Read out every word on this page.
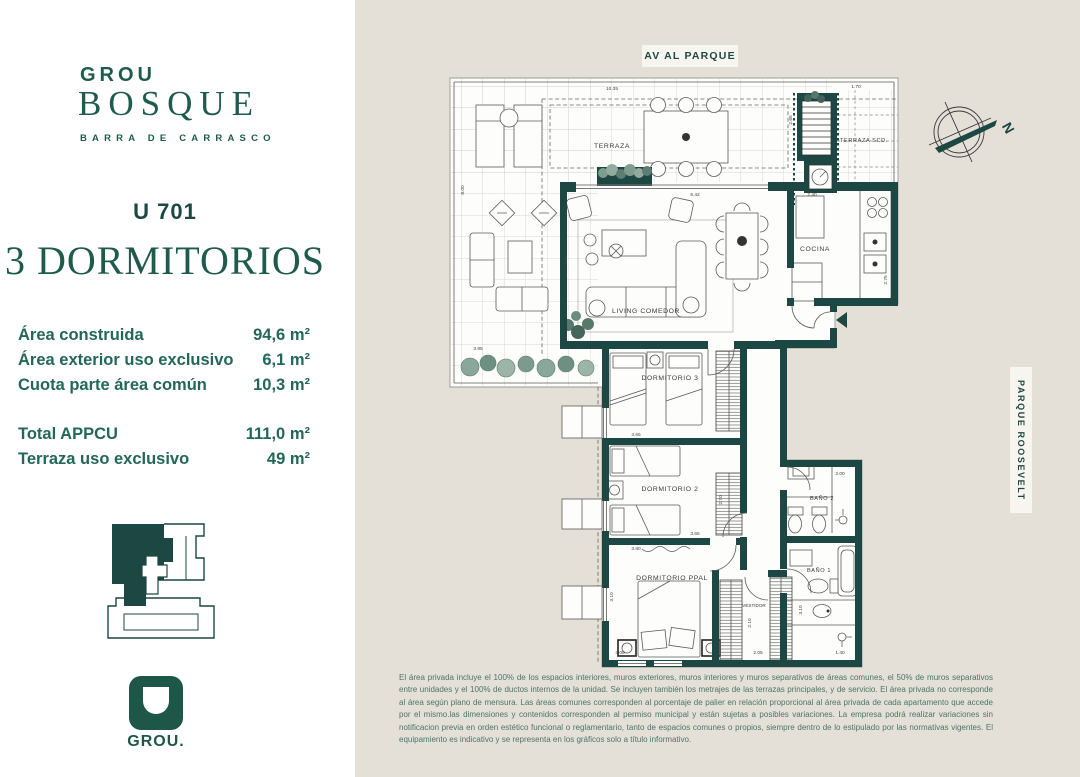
GROU
BOSQUE
BARRA DE CARRASCO
U 701
3 DORMITORIOS
Área construida	94,6 m²
Área exterior uso exclusivo 6,1 m²
Cuota parte área común	10,3 m²
Total APPCU	111,0 m²
Terraza uso exclusivo	49 m²
GROU.
AV AL PARQUE
PARQUE ROOSEVELT
N
TERRAZA
TERRAZA SCD.
LIVING COMEDOR
COCINA
DORMITORIO 3
DORMITORIO 2
DORMITORIO PPAL
VESTIDOR
BAÑO 2
BAÑO 1
10.35
8.00
3.95
1.70
2.65
6.42	2.40
2.75
4.00
3.65
2.70
3.65
3.80
3.10
3.05
2.10
2.05	1.40
3.10
2.00
2.00
El área privada incluye el 100% de los espacios interiores, muros exteriores, muros interiores y muros separativos de áreas comunes, el 50% de muros separativos entre unidades y el 100% de ductos internos de la unidad. Se incluyen también los metrajes de las terrazas principales, y de servicio. El área privada no corresponde al área según plano de mensura. Las áreas comunes corresponden al porcentaje de palier en relación proporcional al área privada de cada apartamento que accede por el mismo.las dimensiones y contenidos corresponden al permiso municipal y están sujetas a posibles variaciones. La empresa podrá realizar variaciones sin notificacion previa en orden estético funcional o reglamentario, tanto de espacios comunes o propios, siempre dentro de lo estipulado por las normativas vigentes. El equipamiento es indicativo y se representa en los gráficos solo a título informativo.
